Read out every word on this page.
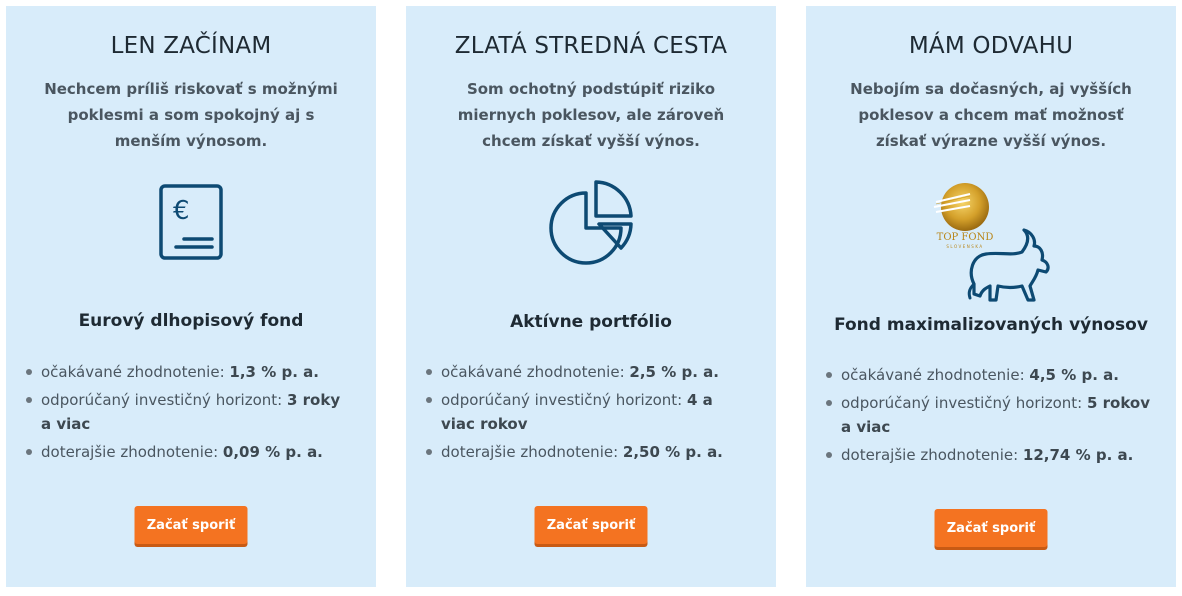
LEN ZAČÍNAM

Nechcem príliš riskovať s možnými poklesmi a som spokojný aj s menším výnosom.

€
Eurový dlhopisový fond
očakávané zhodnotenie: 1,3 % p. a.
odporúčaný investičný horizont: 3 roky a viac
doterajšie zhodnotenie: 0,09 % p. a.
Začať sporiť
ZLATÁ STREDNÁ CESTA

Som ochotný podstúpiť riziko miernych poklesov, ale zároveň chcem získať vyšší výnos.

Aktívne portfólio
očakávané zhodnotenie: 2,5 % p. a.
odporúčaný investičný horizont: 4 a viac rokov
doterajšie zhodnotenie: 2,50 % p. a.
Začať sporiť
MÁM ODVAHU

Nebojím sa dočasných, aj vyšších poklesov a chcem mať možnosť získať výrazne vyšší výnos.

TOP FOND
SLOVENSKA
Fond maximalizovaných výnosov
očakávané zhodnotenie: 4,5 % p. a.
odporúčaný investičný horizont: 5 rokov a viac
doterajšie zhodnotenie: 12,74 % p. a.
Začať sporiť
